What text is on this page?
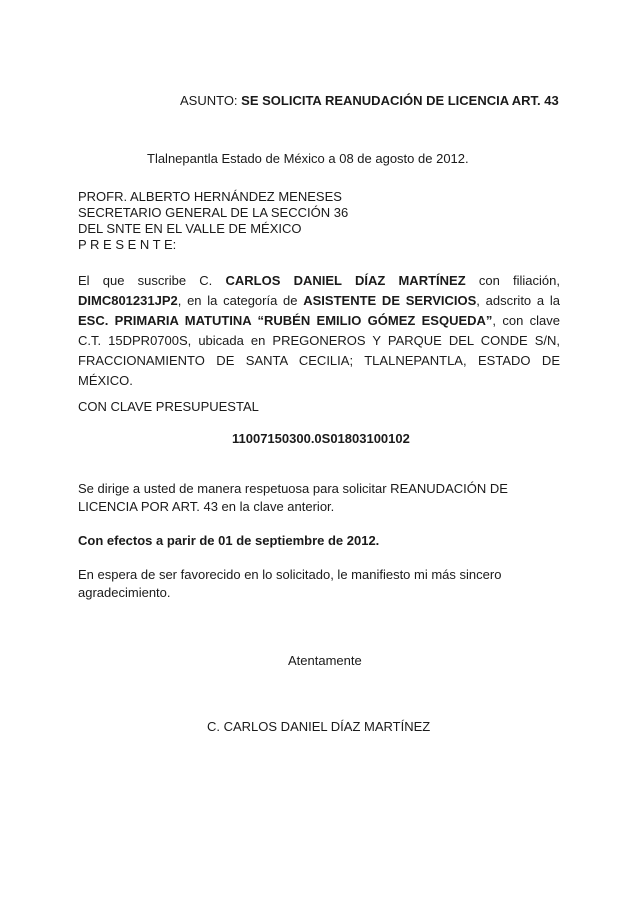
ASUNTO: SE SOLICITA REANUDACIÓN DE LICENCIA ART. 43
Tlalnepantla Estado de México a 08 de agosto de 2012.
PROFR. ALBERTO HERNÁNDEZ MENESES
SECRETARIO GENERAL DE LA SECCIÓN 36
DEL SNTE EN EL VALLE DE MÉXICO
P R E S E N T E:
El que suscribe C. CARLOS DANIEL DÍAZ MARTÍNEZ con filiación,
DIMC801231JP2, en la categoría de ASISTENTE DE SERVICIOS, adscrito a la
ESC. PRIMARIA MATUTINA “RUBÉN EMILIO GÓMEZ ESQUEDA”, con clave
C.T. 15DPR0700S, ubicada en PREGONEROS Y PARQUE DEL CONDE S/N,
FRACCIONAMIENTO DE SANTA CECILIA; TLALNEPANTLA, ESTADO DE
MÉXICO.
CON CLAVE PRESUPUESTAL
11007150300.0S01803100102
Se dirige a usted de manera respetuosa para solicitar REANUDACIÓN DE
LICENCIA POR ART. 43 en la clave anterior.
Con efectos a parir de 01 de septiembre de 2012.
En espera de ser favorecido en lo solicitado, le manifiesto mi más sincero
agradecimiento.
Atentamente
C. CARLOS DANIEL DÍAZ MARTÍNEZ
